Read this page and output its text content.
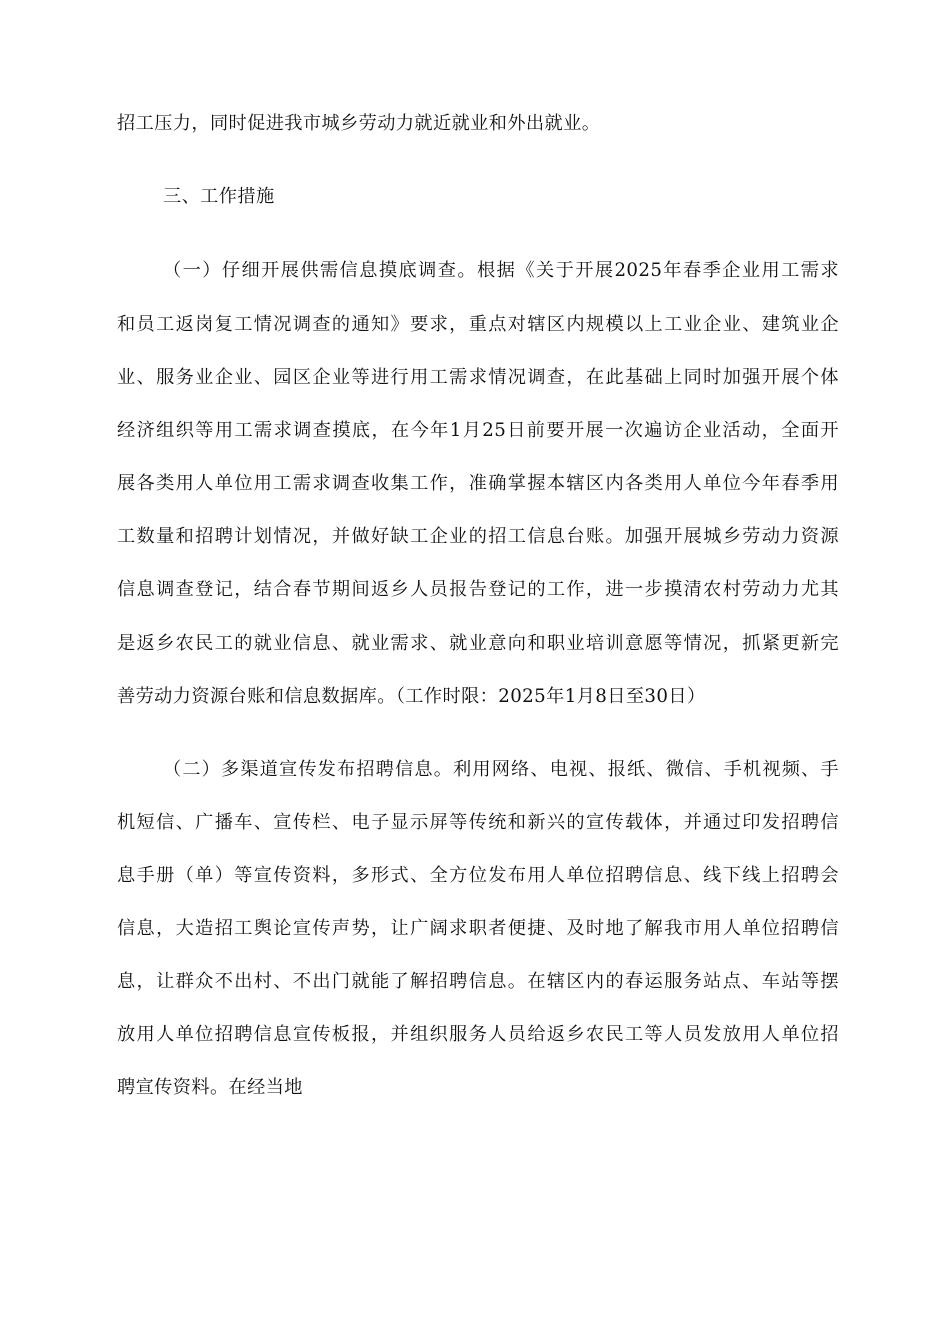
招工压力，同时促进我市城乡劳动力就近就业和外出就业。
三、工作措施
（一）仔细开展供需信息摸底调查。根据《关于开展2025年春季企业用工需求
和员工返岗复工情况调查的通知》要求，重点对辖区内规模以上工业企业、建筑业企
业、服务业企业、园区企业等进行用工需求情况调查，在此基础上同时加强开展个体
经济组织等用工需求调查摸底，在今年1月25日前要开展一次遍访企业活动，全面开
展各类用人单位用工需求调查收集工作，准确掌握本辖区内各类用人单位今年春季用
工数量和招聘计划情况，并做好缺工企业的招工信息台账。加强开展城乡劳动力资源
信息调查登记，结合春节期间返乡人员报告登记的工作，进一步摸清农村劳动力尤其
是返乡农民工的就业信息、就业需求、就业意向和职业培训意愿等情况，抓紧更新完
善劳动力资源台账和信息数据库。（工作时限：2025年1月8日至30日）
（二）多渠道宣传发布招聘信息。利用网络、电视、报纸、微信、手机视频、手
机短信、广播车、宣传栏、电子显示屏等传统和新兴的宣传载体，并通过印发招聘信
息手册（单）等宣传资料，多形式、全方位发布用人单位招聘信息、线下线上招聘会
信息，大造招工舆论宣传声势，让广阔求职者便捷、及时地了解我市用人单位招聘信
息，让群众不出村、不出门就能了解招聘信息。在辖区内的春运服务站点、车站等摆
放用人单位招聘信息宣传板报，并组织服务人员给返乡农民工等人员发放用人单位招
聘宣传资料。在经当地
